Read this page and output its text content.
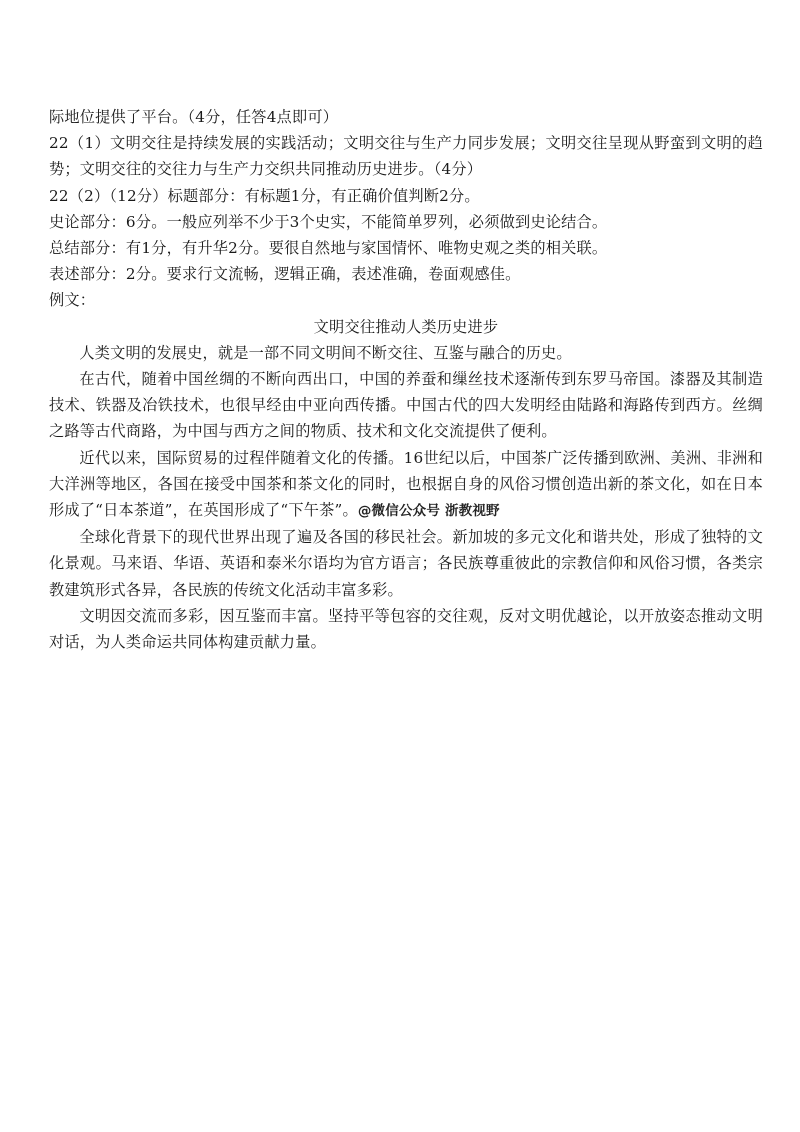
际地位提供了平台。（4分，任答4点即可）

22（1）文明交往是持续发展的实践活动；文明交往与生产力同步发展；文明交往呈现从野蛮到文明的趋势；文明交往的交往力与生产力交织共同推动历史进步。（4分）

22（2）（12分）标题部分：有标题1分，有正确价值判断2分。

史论部分：6分。一般应列举不少于3个史实，不能简单罗列，必须做到史论结合。

总结部分：有1分，有升华2分。要很自然地与家国情怀、唯物史观之类的相关联。

表述部分：2分。要求行文流畅，逻辑正确，表述准确，卷面观感佳。

例文：

文明交往推动人类历史进步

人类文明的发展史，就是一部不同文明间不断交往、互鉴与融合的历史。

在古代，随着中国丝绸的不断向西出口，中国的养蚕和缫丝技术逐渐传到东罗马帝国。漆器及其制造技术、铁器及冶铁技术，也很早经由中亚向西传播。中国古代的四大发明经由陆路和海路传到西方。丝绸之路等古代商路，为中国与西方之间的物质、技术和文化交流提供了便利。

近代以来，国际贸易的过程伴随着文化的传播。16世纪以后，中国茶广泛传播到欧洲、美洲、非洲和大洋洲等地区，各国在接受中国茶和茶文化的同时，也根据自身的风俗习惯创造出新的茶文化，如在日本形成了“日本茶道”，在英国形成了“下午茶”。@微信公众号 浙教视野

全球化背景下的现代世界出现了遍及各国的移民社会。新加坡的多元文化和谐共处，形成了独特的文化景观。马来语、华语、英语和泰米尔语均为官方语言；各民族尊重彼此的宗教信仰和风俗习惯，各类宗教建筑形式各异，各民族的传统文化活动丰富多彩。

文明因交流而多彩，因互鉴而丰富。坚持平等包容的交往观，反对文明优越论，以开放姿态推动文明对话，为人类命运共同体构建贡献力量。
